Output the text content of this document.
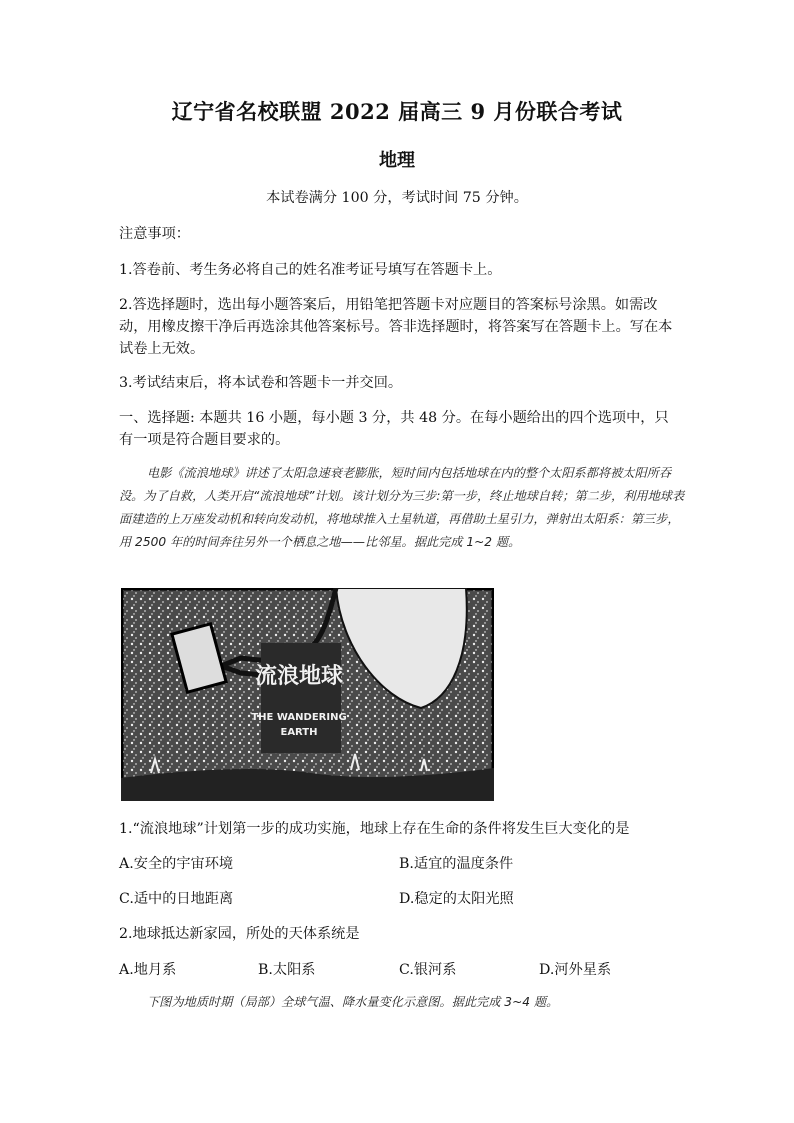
辽宁省名校联盟 2022 届高三 9 月份联合考试
地理
本试卷满分 100 分，考试时间 75 分钟。
注意事项：
1.答卷前、考生务必将自己的姓名准考证号填写在答题卡上。
2.答选择题时，选出每小题答案后，用铅笔把答题卡对应题目的答案标号涂黑。如需改动，用橡皮擦干净后再选涂其他答案标号。答非选择题时，将答案写在答题卡上。写在本试卷上无效。
3.考试结束后，将本试卷和答题卡一并交回。
一、选择题: 本题共 16 小题，每小题 3 分，共 48 分。在每小题给出的四个选项中，只有一项是符合题目要求的。
电影《流浪地球》讲述了太阳急速衰老膨胀，短时间内包括地球在内的整个太阳系都将被太阳所吞没。为了自救，人类开启“流浪地球”计划。该计划分为三步:第一步，终止地球自转；第二步，利用地球表面建造的上万座发动机和转向发动机，将地球推入土星轨道，再借助土星引力，弹射出太阳系：第三步，用 2500 年的时间奔往另外一个栖息之地——比邻星。据此完成 1~2 题。
流浪地球
THE WANDERING
EARTH
1.“流浪地球”计划第一步的成功实施，地球上存在生命的条件将发生巨大变化的是
A.安全的宇宙环境	B.适宜的温度条件
C.适中的日地距离	D.稳定的太阳光照
2.地球抵达新家园，所处的天体系统是
A.地月系	B.太阳系	C.银河系	D.河外星系
下图为地质时期（局部）全球气温、降水量变化示意图。据此完成 3~4 题。
